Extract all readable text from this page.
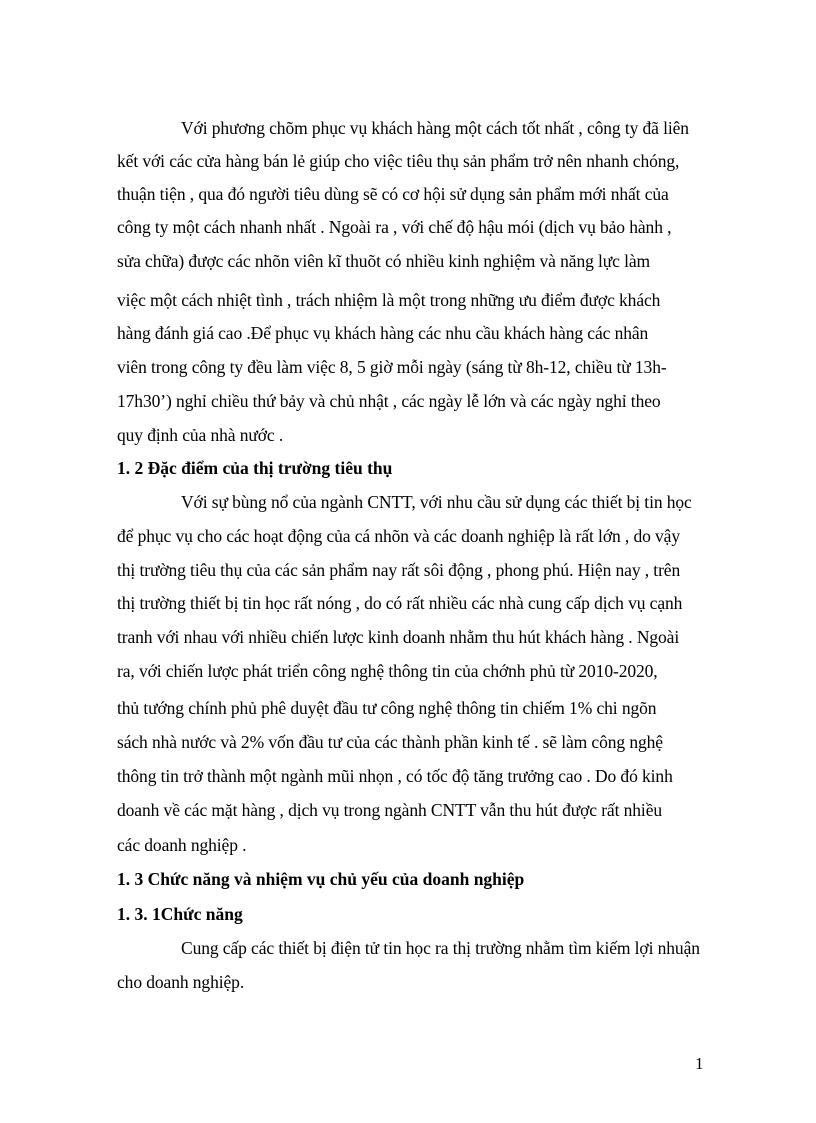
Với phương chõm phục vụ khách hàng một cách tốt nhất , công ty đã liên
kết với các cửa hàng bán lẻ giúp cho việc tiêu thụ sản phẩm trở nên nhanh chóng,
thuận tiện , qua đó người tiêu dùng sẽ có cơ hội sử dụng sản phẩm mới nhất của
công ty một cách nhanh nhất . Ngoài ra , với chế độ hậu mói (dịch vụ bảo hành ,
sửa chữa) được các nhõn viên kĩ thuõt có nhiều kinh nghiệm và năng lực làm
việc một cách nhiệt tình , trách nhiệm là một trong những ưu điểm được khách
hàng đánh giá cao .Để phục vụ khách hàng các nhu cầu khách hàng các nhân
viên trong công ty đều làm việc 8, 5 giờ mỗi ngày (sáng từ 8h-12, chiều từ 13h-
17h30’) nghỉ chiều thứ bảy và chủ nhật , các ngày lễ lớn và các ngày nghỉ theo
quy định của nhà nước .
1. 2 Đặc điểm của thị trường tiêu thụ
Với sự bùng nổ của ngành CNTT, với nhu cầu sử dụng các thiết bị tin học
để phục vụ cho các hoạt động của cá nhõn và các doanh nghiệp là rất lớn , do vậy
thị trường tiêu thụ của các sản phẩm nay rất sôi động , phong phú. Hiện nay , trên
thị trường thiết bị tin học rất nóng , do có rất nhiều các nhà cung cấp dịch vụ cạnh
tranh với nhau với nhiều chiến lược kinh doanh nhằm thu hút khách hàng . Ngoài
ra, với chiến lược phát triển công nghệ thông tin của chớnh phủ từ 2010-2020,
thủ tướng chính phủ phê duyệt đầu tư công nghệ thông tin chiếm 1% chi ngõn
sách nhà nước và 2% vốn đầu tư của các thành phần kinh tế . sẽ làm công nghệ
thông tin trở thành một ngành mũi nhọn , có tốc độ tăng trưởng cao . Do đó kinh
doanh về các mặt hàng , dịch vụ trong ngành CNTT vẫn thu hút được rất nhiều
các doanh nghiệp .
1. 3 Chức năng và nhiệm vụ chủ yếu của doanh nghiệp
1. 3. 1Chức năng
Cung cấp các thiết bị điện tử tin học ra thị trường nhằm tìm kiếm lợi nhuận
cho doanh nghiệp.
1
